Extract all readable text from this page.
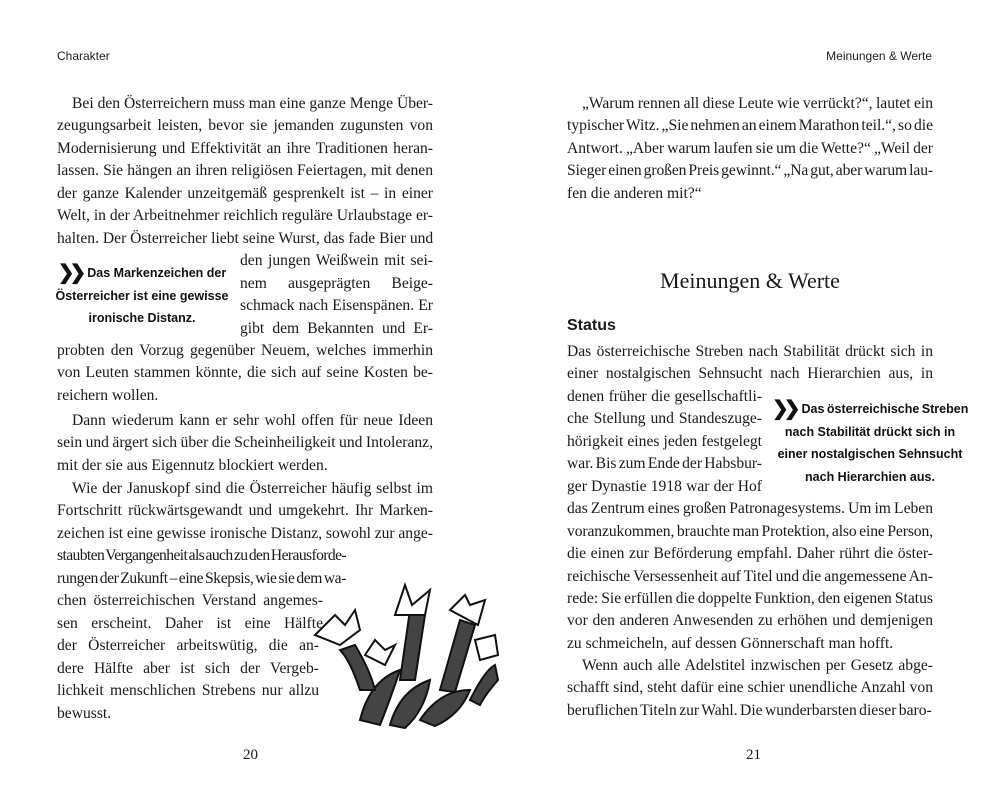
Charakter	Meinungen & Werte
Bei den Österreichern muss man eine ganze Menge Über-
zeugungsarbeit leisten, bevor sie jemanden zugunsten von
Modernisierung und Effektivität an ihre Traditionen heran-
lassen. Sie hängen an ihren religiösen Feiertagen, mit denen
der ganze Kalender unzeitgemäß gesprenkelt ist – in einer
Welt, in der Arbeitnehmer reichlich reguläre Urlaubstage er-
halten. Der Österreicher liebt seine Wurst, das fade Bier und
den jungen Weißwein mit sei-
nem ausgeprägten Beige-
schmack nach Eisenspänen. Er
gibt dem Bekannten und Er-
probten den Vorzug gegenüber Neuem, welches immerhin
von Leuten stammen könnte, die sich auf seine Kosten be-
reichern wollen.
Dann wiederum kann er sehr wohl offen für neue Ideen
sein und ärgert sich über die Scheinheiligkeit und Intoleranz,
mit der sie aus Eigennutz blockiert werden.
Wie der Januskopf sind die Österreicher häufig selbst im
Fortschritt rückwärtsgewandt und umgekehrt. Ihr Marken-
zeichen ist eine gewisse ironische Distanz, sowohl zur ange-
staubten Vergangenheit als auch zu den Herausforde-
rungen der Zukunft – eine Skepsis, wie sie dem wa-
chen österreichischen Verstand angemes-
sen erscheint. Daher ist eine Hälfte
der Österreicher arbeitswütig, die an-
dere Hälfte aber ist sich der Vergeb-
lichkeit menschlichen Strebens nur allzu
bewusst.
„Warum rennen all diese Leute wie verrückt?“, lautet ein
typischer Witz. „Sie nehmen an einem Marathon teil.“, so die
Antwort. „Aber warum laufen sie um die Wette?“ „Weil der
Sieger einen großen Preis gewinnt.“ „Na gut, aber warum lau-
fen die anderen mit?“
Das österreichische Streben nach Stabilität drückt sich in
einer nostalgischen Sehnsucht nach Hierarchien aus, in
denen früher die gesellschaftli-
che Stellung und Standeszuge-
hörigkeit eines jeden festgelegt
war. Bis zum Ende der Habsbur-
ger Dynastie 1918 war der Hof
das Zentrum eines großen Patronagesystems. Um im Leben
voranzukommen, brauchte man Protektion, also eine Person,
die einen zur Beförderung empfahl. Daher rührt die öster-
reichische Versessenheit auf Titel und die angemessene An-
rede: Sie erfüllen die doppelte Funktion, den eigenen Status
vor den anderen Anwesenden zu erhöhen und demjenigen
zu schmeicheln, auf dessen Gönnerschaft man hofft.
Wenn auch alle Adelstitel inzwischen per Gesetz abge-
schafft sind, steht dafür eine schier unendliche Anzahl von
beruflichen Titeln zur Wahl. Die wunderbarsten dieser baro-
❯❯ Das Markenzeichen der
Österreicher ist eine gewisse
ironische Distanz.
❯❯ Das österreichische Streben
nach Stabilität drückt sich in
einer nostalgischen Sehnsucht
nach Hierarchien aus.
Meinungen & Werte
Status
20	21
